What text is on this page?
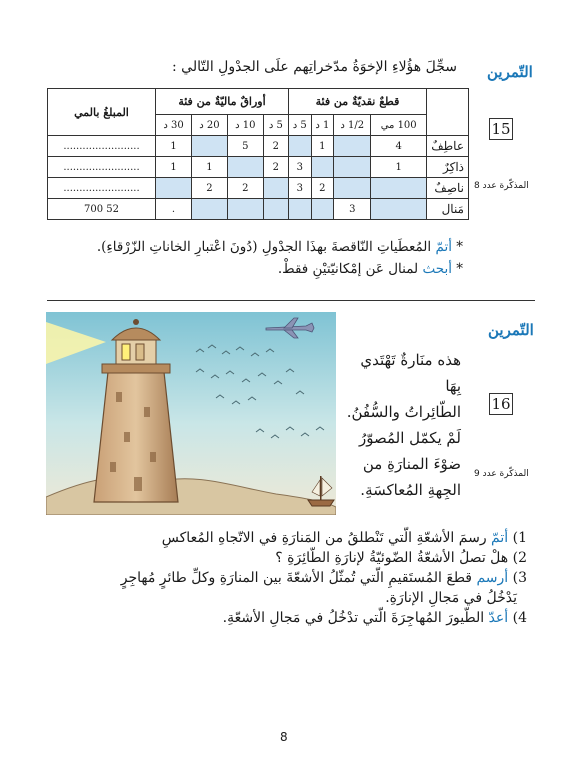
التّمرين
15
المذكّرة عدد 8
سجِّلَ هؤُلاءِ الإخوَةُ مدّخراتِهم علَى الجدْولِ التّالي :
	قطعٌ نقديّةٌ من فئة				أوراقٌ ماليّةٌ من فئة				المبلغُ بالمي
	100 مي	1/2 د	1 د	5 د	5 د	10 د	20 د	30 د	
عاطِفٌ	4		1		2	5		1	........................
ذاكِرٌ	1			3	2		1	1	........................
ناصِفٌ			2	3		2	2		........................
مَنال		3						.	52 700
* أتمّ المُعطَياتِ النّاقصةَ بهذَا الجدْولِ (دُونَ اعْتبارِ الخاناتِ الزّرْقاءِ).
* أبحث لمنال عَن إمْكانيّتيْنِ فقطْ.
التّمرين
16
المذكّرة عدد 9
هذه منَارةٌ تَهْتَدي بِهَا
الطّائِراتُ والسُّفُنُ.
لَمْ يكمّل المُصوّرُ
ضوْءَ المنارَةِ من
الجِهةِ المُعاكسَةِ.
1) أتمّ رسمَ الأشعّةِ الّتي تَنْطلقُ من المَنارَةِ في الاتّجاهِ المُعاكسِ
2) هلْ تصلُ الأشعّةُ الضّوئيّةُ لإنارَةِ الطّائِرَةِ ؟
3) أرسم قطعَ المُستَقيمِ الّتي تُمثّلُ الأشعّةَ بين المنارَةِ وكلِّ طائرٍ مُهاجِرٍ
يَدْخُلُ في مَجالِ الإنارَةِ.
4) أعدّ الطّيورَ المُهاجِرَةَ الّتي تدْخُلُ في مَجالِ الأشعّةِ.
8
